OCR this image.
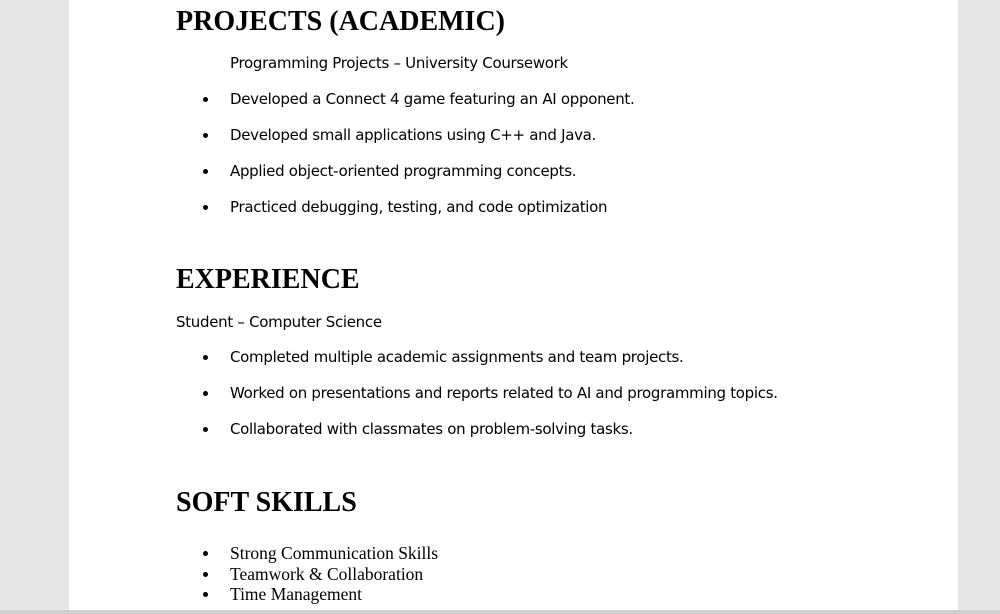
PROJECTS (ACADEMIC)

Programming Projects – University Coursework

Developed a Connect 4 game featuring an AI opponent.
Developed small applications using C++ and Java.
Applied object-oriented programming concepts.
Practiced debugging, testing, and code optimization
EXPERIENCE

Student – Computer Science

Completed multiple academic assignments and team projects.
Worked on presentations and reports related to AI and programming topics.
Collaborated with classmates on problem-solving tasks.
SOFT SKILLS
Strong Communication Skills
Teamwork & Collaboration
Time Management
